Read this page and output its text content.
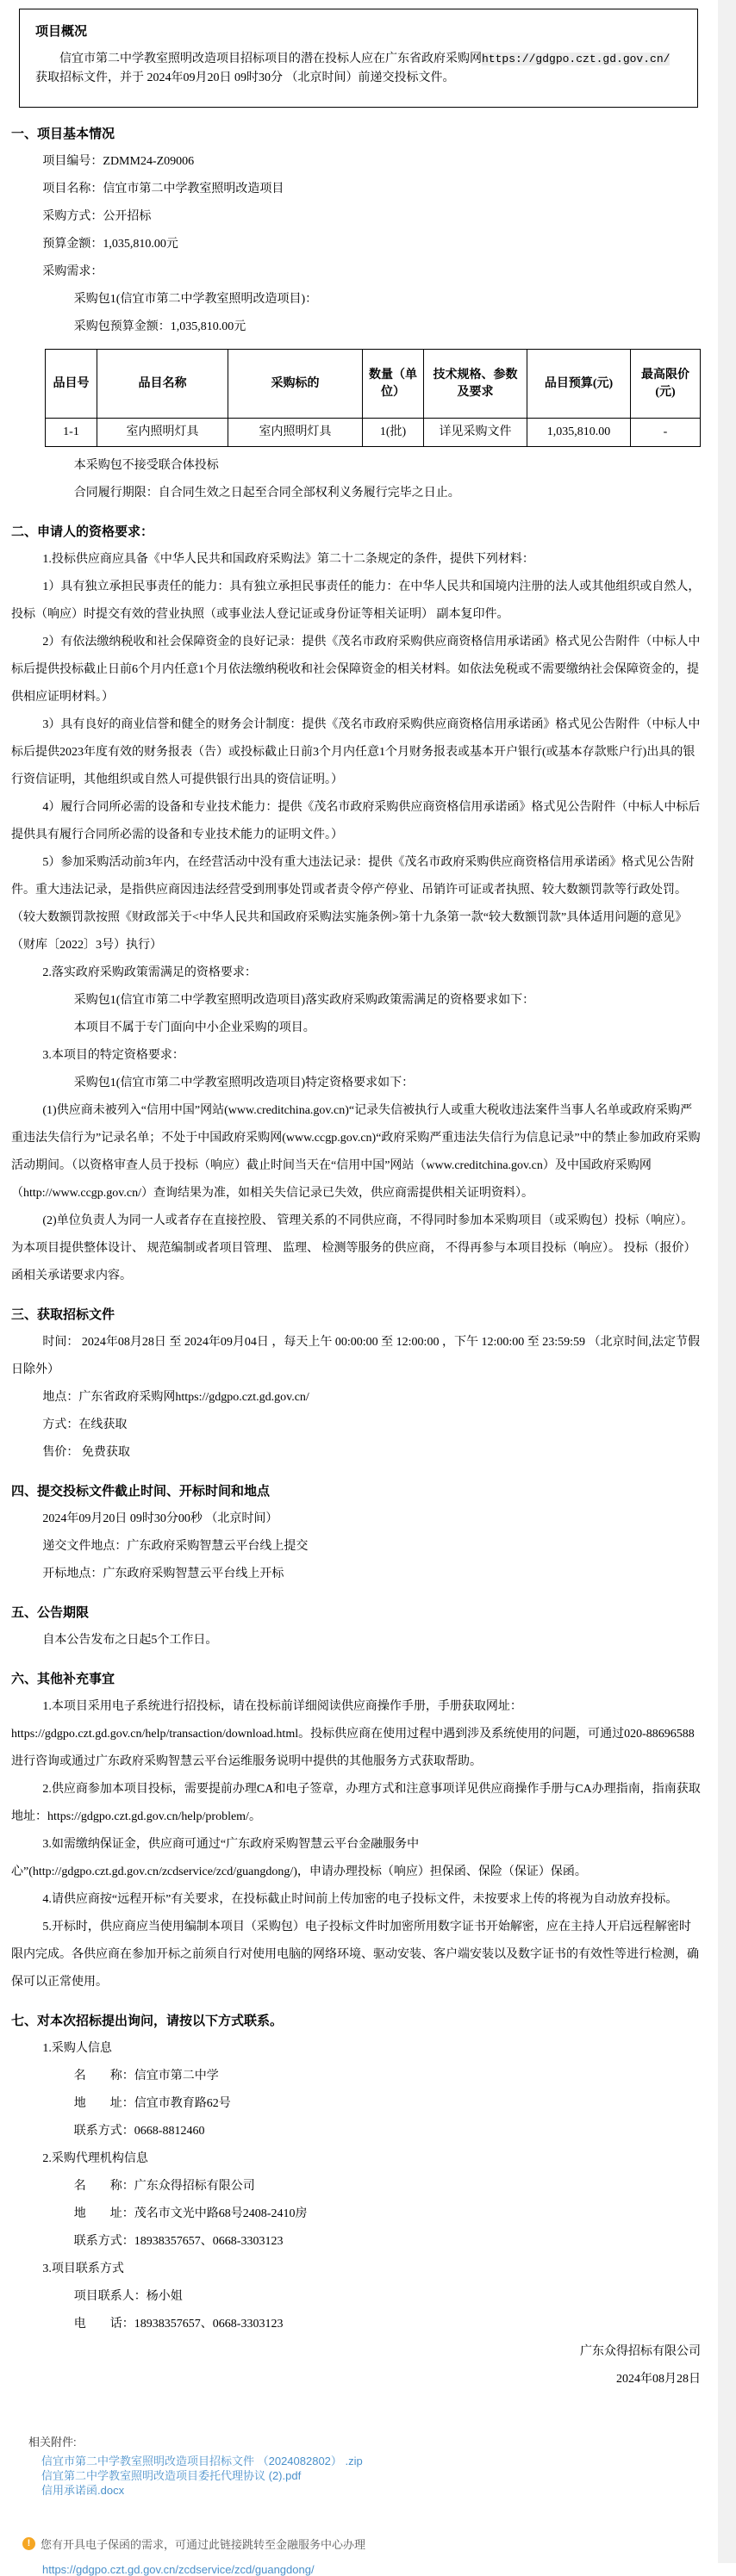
项目概况
信宜市第二中学教室照明改造项目招标项目的潜在投标人应在广东省政府采购网https://gdgpo.czt.gd.gov.cn/获取招标文件，并于 2024年09月20日 09时30分 （北京时间）前递交投标文件。
一、项目基本情况
项目编号：ZDMM24-Z09006
项目名称：信宜市第二中学教室照明改造项目
采购方式：公开招标
预算金额：1,035,810.00元
采购需求：
采购包1(信宜市第二中学教室照明改造项目)：
采购包预算金额：1,035,810.00元
品目号	品目名称	采购标的	数量（单位）	技术规格、参数及要求	品目预算(元)	最高限价(元)
1-1	室内照明灯具	室内照明灯具	1(批)	详见采购文件	1,035,810.00	-
本采购包不接受联合体投标
合同履行期限：自合同生效之日起至合同全部权利义务履行完毕之日止。
二、申请人的资格要求：
1.投标供应商应具备《中华人民共和国政府采购法》第二十二条规定的条件，提供下列材料：
1）具有独立承担民事责任的能力：具有独立承担民事责任的能力：在中华人民共和国境内注册的法人或其他组织或自然人， 投标（响应）时提交有效的营业执照（或事业法人登记证或身份证等相关证明） 副本复印件。
2）有依法缴纳税收和社会保障资金的良好记录：提供《茂名市政府采购供应商资格信用承诺函》格式见公告附件（中标人中标后提供投标截止日前6个月内任意1个月依法缴纳税收和社会保障资金的相关材料。如依法免税或不需要缴纳社会保障资金的，提供相应证明材料。）
3）具有良好的商业信誉和健全的财务会计制度：提供《茂名市政府采购供应商资格信用承诺函》格式见公告附件（中标人中标后提供2023年度有效的财务报表（告）或投标截止日前3个月内任意1个月财务报表或基本开户银行(或基本存款账户行)出具的银行资信证明，其他组织或自然人可提供银行出具的资信证明。）
4）履行合同所必需的设备和专业技术能力：提供《茂名市政府采购供应商资格信用承诺函》格式见公告附件（中标人中标后提供具有履行合同所必需的设备和专业技术能力的证明文件。）
5）参加采购活动前3年内，在经营活动中没有重大违法记录：提供《茂名市政府采购供应商资格信用承诺函》格式见公告附件。重大违法记录，是指供应商因违法经营受到刑事处罚或者责令停产停业、吊销许可证或者执照、较大数额罚款等行政处罚。（较大数额罚款按照《财政部关于<中华人民共和国政府采购法实施条例>第十九条第一款“较大数额罚款”具体适用问题的意见》（财库〔2022〕3号）执行）
2.落实政府采购政策需满足的资格要求：
采购包1(信宜市第二中学教室照明改造项目)落实政府采购政策需满足的资格要求如下：
本项目不属于专门面向中小企业采购的项目。
3.本项目的特定资格要求：
采购包1(信宜市第二中学教室照明改造项目)特定资格要求如下：
(1)供应商未被列入“信用中国”网站(www.creditchina.gov.cn)“记录失信被执行人或重大税收违法案件当事人名单或政府采购严重违法失信行为”记录名单；不处于中国政府采购网(www.ccgp.gov.cn)“政府采购严重违法失信行为信息记录”中的禁止参加政府采购活动期间。（以资格审查人员于投标（响应）截止时间当天在“信用中国”网站（www.creditchina.gov.cn）及中国政府采购网（http://www.ccgp.gov.cn/）查询结果为准，如相关失信记录已失效，供应商需提供相关证明资料）。
(2)单位负责人为同一人或者存在直接控股、 管理关系的不同供应商，不得同时参加本采购项目（或采购包）投标（响应）。 为本项目提供整体设计、 规范编制或者项目管理、 监理、 检测等服务的供应商， 不得再参与本项目投标（响应）。 投标（报价） 函相关承诺要求内容。
三、获取招标文件
时间： 2024年08月28日 至 2024年09月04日 ，每天上午 00:00:00 至 12:00:00 ，下午 12:00:00 至 23:59:59 （北京时间,法定节假日除外）
地点：广东省政府采购网https://gdgpo.czt.gd.gov.cn/
方式：在线获取
售价： 免费获取
四、提交投标文件截止时间、开标时间和地点
2024年09月20日 09时30分00秒 （北京时间）
递交文件地点：广东政府采购智慧云平台线上提交
开标地点：广东政府采购智慧云平台线上开标
五、公告期限
自本公告发布之日起5个工作日。
六、其他补充事宜
1.本项目采用电子系统进行招投标，请在投标前详细阅读供应商操作手册，手册获取网址：https://gdgpo.czt.gd.gov.cn/help/transaction/download.html。投标供应商在使用过程中遇到涉及系统使用的问题，可通过020-88696588 进行咨询或通过广东政府采购智慧云平台运维服务说明中提供的其他服务方式获取帮助。
2.供应商参加本项目投标，需要提前办理CA和电子签章，办理方式和注意事项详见供应商操作手册与CA办理指南，指南获取地址：https://gdgpo.czt.gd.gov.cn/help/problem/。
3.如需缴纳保证金，供应商可通过“广东政府采购智慧云平台金融服务中心”(http://gdgpo.czt.gd.gov.cn/zcdservice/zcd/guangdong/)，申请办理投标（响应）担保函、保险（保证）保函。
4.请供应商按“远程开标”有关要求，在投标截止时间前上传加密的电子投标文件，未按要求上传的将视为自动放弃投标。
5.开标时，供应商应当使用编制本项目（采购包）电子投标文件时加密所用数字证书开始解密，应在主持人开启远程解密时限内完成。各供应商在参加开标之前须自行对使用电脑的网络环境、驱动安装、客户端安装以及数字证书的有效性等进行检测，确保可以正常使用。
七、对本次招标提出询问，请按以下方式联系。
1.采购人信息
名　　称：信宜市第二中学
地　　址：信宜市教育路62号
联系方式：0668-8812460
2.采购代理机构信息
名　　称：广东众得招标有限公司
地　　址：茂名市文光中路68号2408-2410房
联系方式：18938357657、0668-3303123
3.项目联系方式
项目联系人：杨小姐
电　　话：18938357657、0668-3303123
广东众得招标有限公司
2024年08月28日
相关附件:
信宜市第二中学教室照明改造项目招标文件 （2024082802） .zip
信宜第二中学教室照明改造项目委托代理协议 (2).pdf
信用承诺函.docx
! 您有开具电子保函的需求，可通过此链接跳转至金融服务中心办理
https://gdgpo.czt.gd.gov.cn/zcdservice/zcd/guangdong/
